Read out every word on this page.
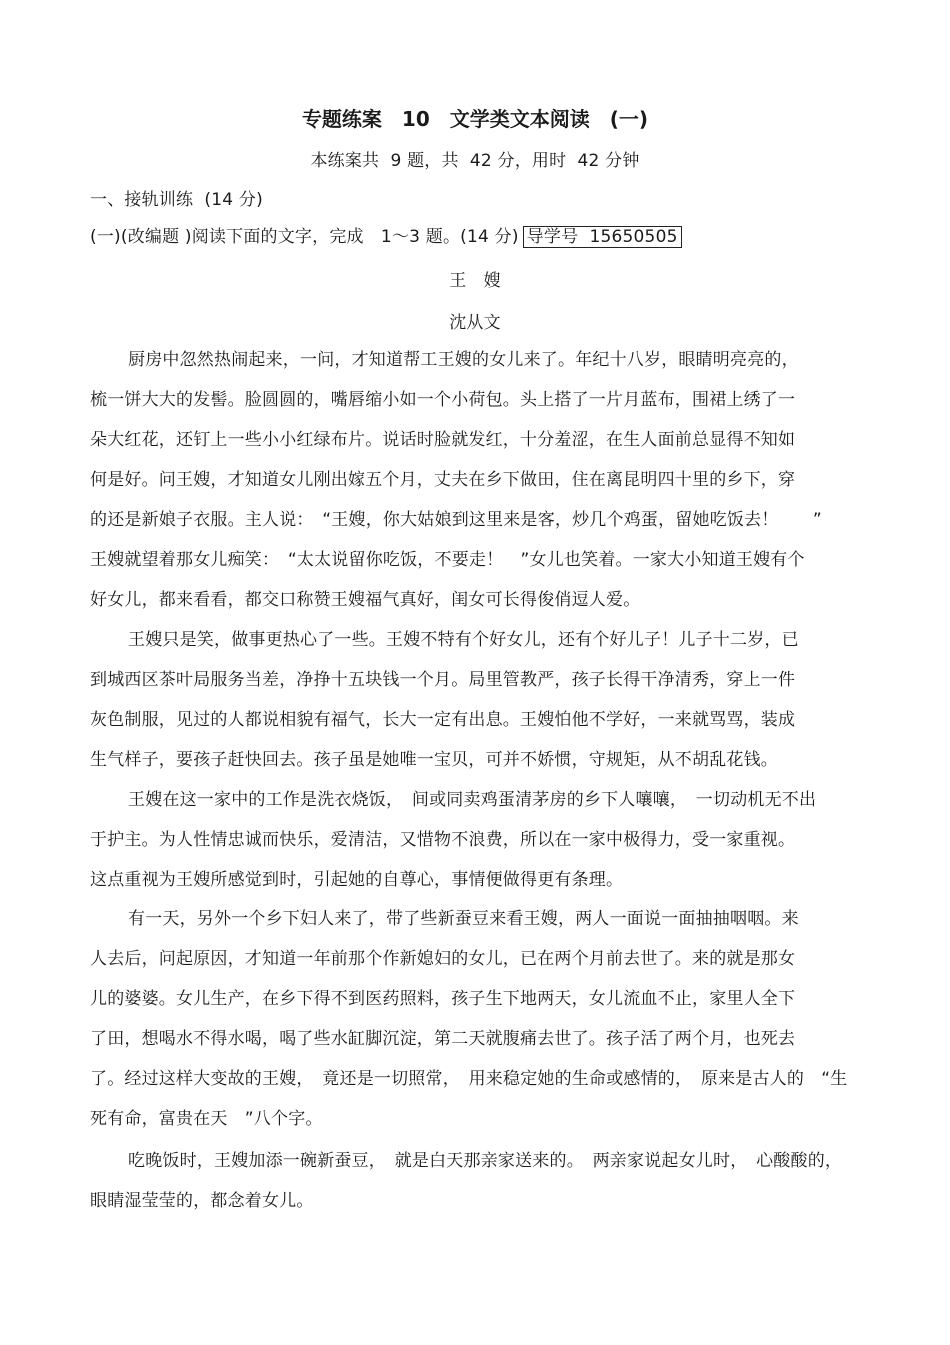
专题练案　10　文学类文本阅读　(一)
本练案共  9 题，共  42 分，用时  42 分钟
一、接轨训练  (14 分)
(一)(改编题 )阅读下面的文字，完成　1～3 题。(14 分) 导学号  15650505
王　嫂
沈从文
厨房中忽然热闹起来，一问，才知道帮工王嫂的女儿来了。年纪十八岁，眼睛明亮亮的，
梳一饼大大的发髻。脸圆圆的，嘴唇缩小如一个小荷包。头上搭了一片月蓝布，围裙上绣了一
朵大红花，还钉上一些小小红绿布片。说话时脸就发红，十分羞涩，在生人面前总显得不知如
何是好。问王嫂，才知道女儿刚出嫁五个月，丈夫在乡下做田，住在离昆明四十里的乡下，穿
的还是新娘子衣服。主人说：　“王嫂，你大姑娘到这里来是客，炒几个鸡蛋，留她吃饭去！　　”
王嫂就望着那女儿痴笑：　“太太说留你吃饭，不要走！　”女儿也笑着。一家大小知道王嫂有个
好女儿，都来看看，都交口称赞王嫂福气真好，闺女可长得俊俏逗人爱。
王嫂只是笑，做事更热心了一些。王嫂不特有个好女儿，还有个好儿子！儿子十二岁，已
到城西区茶叶局服务当差，净挣十五块钱一个月。局里管教严，孩子长得干净清秀，穿上一件
灰色制服，见过的人都说相貌有福气，长大一定有出息。王嫂怕他不学好，一来就骂骂，装成
生气样子，要孩子赶快回去。孩子虽是她唯一宝贝，可并不娇惯，守规矩，从不胡乱花钱。
王嫂在这一家中的工作是洗衣烧饭，　间或同卖鸡蛋清茅房的乡下人嚷嚷，　一切动机无不出
于护主。为人性情忠诚而快乐，爱清洁，又惜物不浪费，所以在一家中极得力，受一家重视。
这点重视为王嫂所感觉到时，引起她的自尊心，事情便做得更有条理。
有一天，另外一个乡下妇人来了，带了些新蚕豆来看王嫂，两人一面说一面抽抽咽咽。来
人去后，问起原因，才知道一年前那个作新媳妇的女儿，已在两个月前去世了。来的就是那女
儿的婆婆。女儿生产，在乡下得不到医药照料，孩子生下地两天，女儿流血不止，家里人全下
了田，想喝水不得水喝，喝了些水缸脚沉淀，第二天就腹痛去世了。孩子活了两个月，也死去
了。经过这样大变故的王嫂，　竟还是一切照常，　用来稳定她的生命或感情的，　原来是古人的　“生
死有命，富贵在天　”八个字。
吃晚饭时，王嫂加添一碗新蚕豆，　就是白天那亲家送来的。　两亲家说起女儿时，　心酸酸的，
眼睛湿莹莹的，都念着女儿。
